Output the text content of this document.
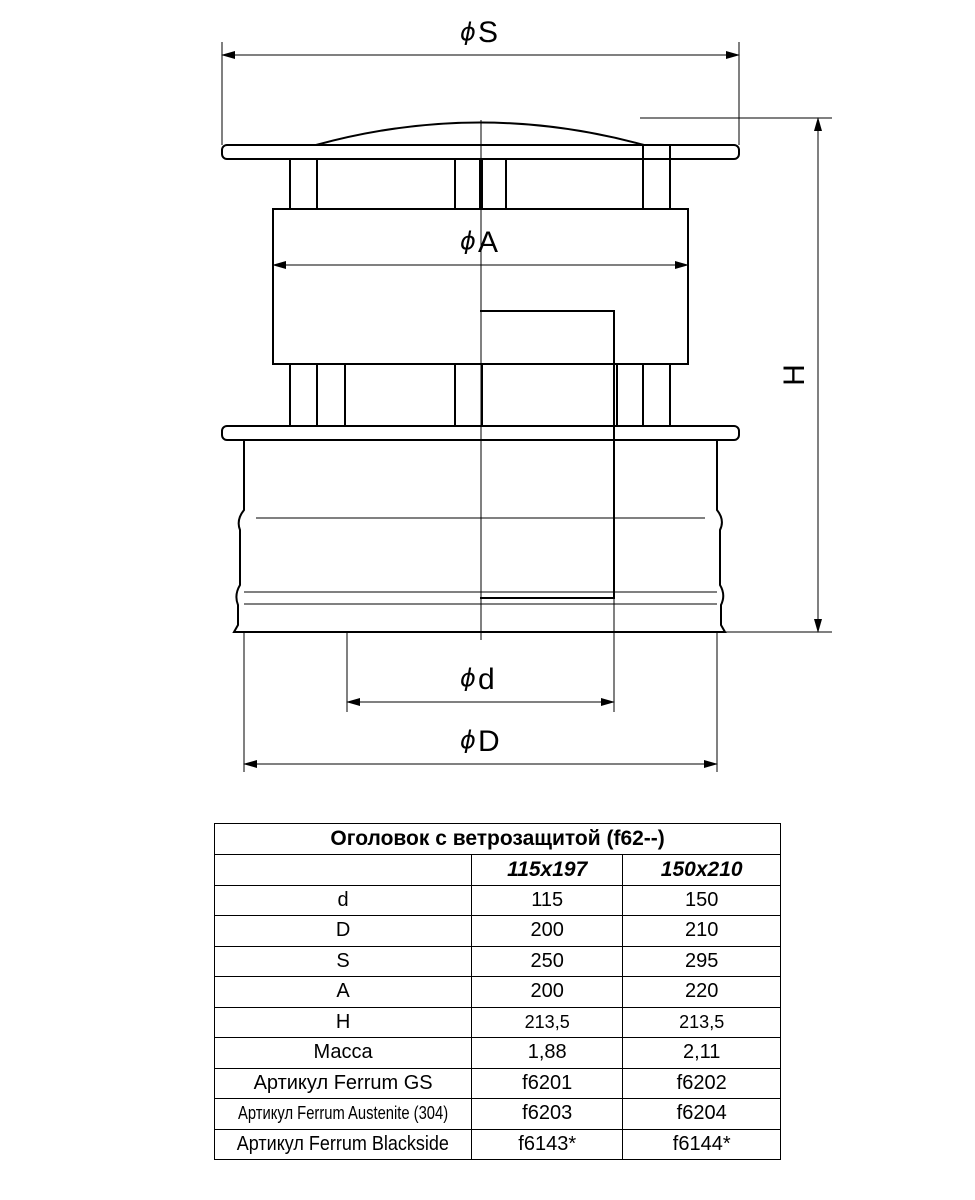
ϕ S
ϕ A
H
ϕ d
ϕ D
Оголовок с ветрозащитой (f62--)		
	115x197	150x210
d	115	150
D	200	210
S	250	295
A	200	220
H	213,5	213,5
Масса	1,88	2,11
Артикул Ferrum GS	f6201	f6202
Артикул Ferrum Austenite (304)	f6203	f6204
Артикул Ferrum Blackside	f6143*	f6144*
